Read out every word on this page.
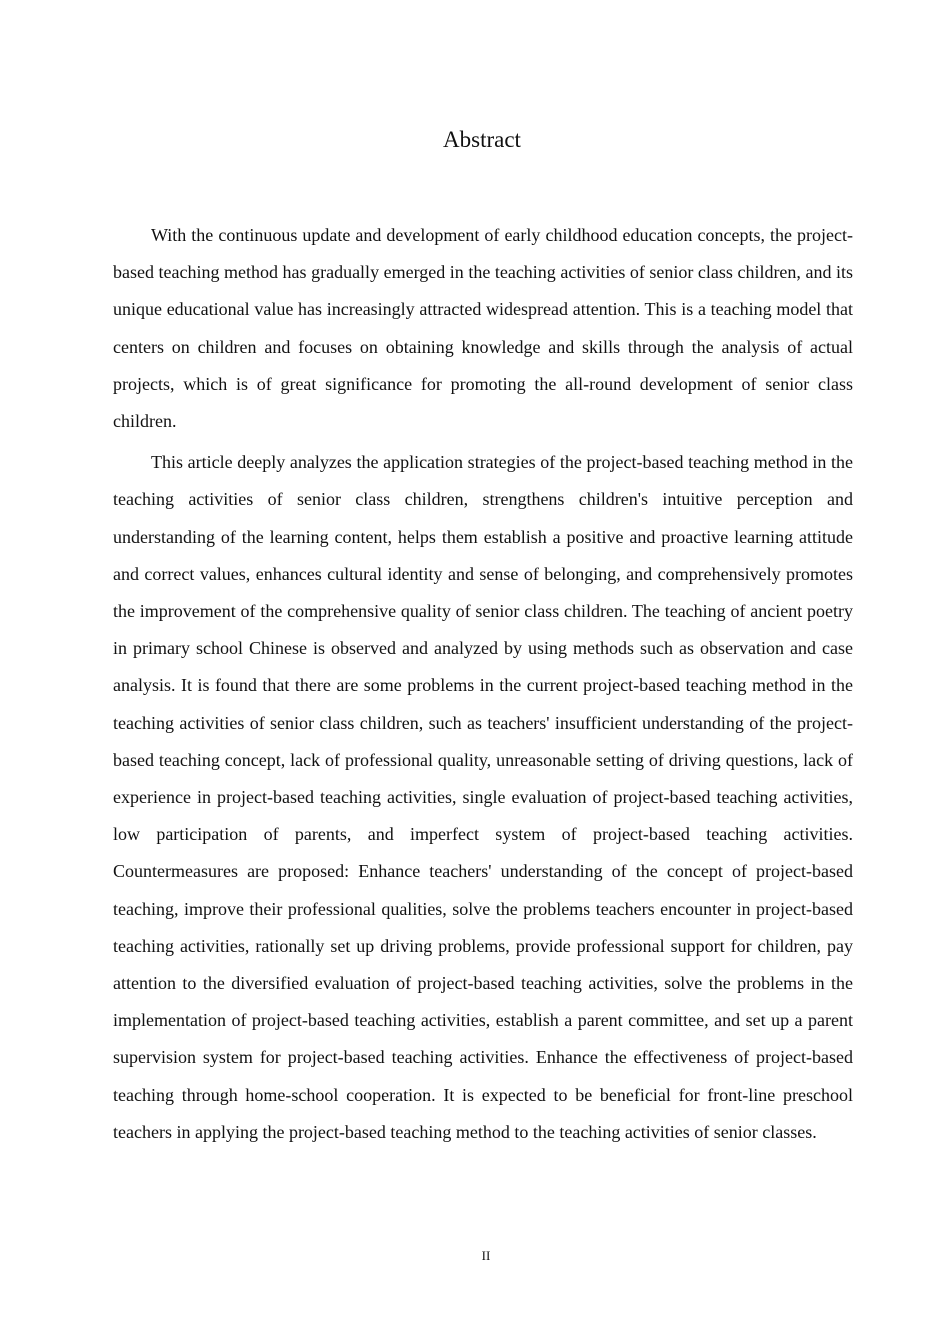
Abstract

With the continuous update and development of early childhood education concepts, the project-based teaching method has gradually emerged in the teaching activities of senior class children, and its unique educational value has increasingly attracted widespread attention. This is a teaching model that centers on children and focuses on obtaining knowledge and skills through the analysis of actual projects, which is of great significance for promoting the all-round development of senior class children.

This article deeply analyzes the application strategies of the project-based teaching method in the teaching activities of senior class children, strengthens children's intuitive perception and understanding of the learning content, helps them establish a positive and proactive learning attitude and correct values, enhances cultural identity and sense of belonging, and comprehensively promotes the improvement of the comprehensive quality of senior class children. The teaching of ancient poetry in primary school Chinese is observed and analyzed by using methods such as observation and case analysis. It is found that there are some problems in the current project-based teaching method in the teaching activities of senior class children, such as teachers' insufficient understanding of the project-based teaching concept, lack of professional quality, unreasonable setting of driving questions, lack of experience in project-based teaching activities, single evaluation of project-based teaching activities, low participation of parents, and imperfect system of project-based teaching activities. Countermeasures are proposed: Enhance teachers' understanding of the concept of project-based teaching, improve their professional qualities, solve the problems teachers encounter in project-based teaching activities, rationally set up driving problems, provide professional support for children, pay attention to the diversified evaluation of project-based teaching activities, solve the problems in the implementation of project-based teaching activities, establish a parent committee, and set up a parent supervision system for project-based teaching activities. Enhance the effectiveness of project-based teaching through home-school cooperation. It is expected to be beneficial for front-line preschool teachers in applying the project-based teaching method to the teaching activities of senior classes.

II
